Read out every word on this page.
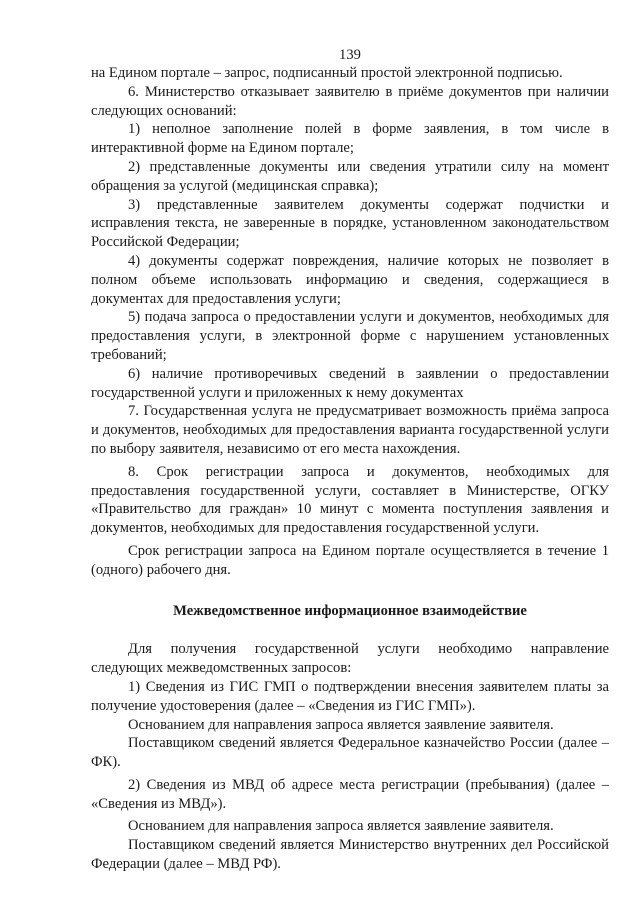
139

на Едином портале – запрос, подписанный простой электронной подписью.

6. Министерство отказывает заявителю в приёме документов при наличии следующих оснований:

1) неполное заполнение полей в форме заявления, в том числе в интерактивной форме на Едином портале;

2) представленные документы или сведения утратили силу на момент обращения за услугой (медицинская справка);

3) представленные заявителем документы содержат подчистки и исправления текста, не заверенные в порядке, установленном законодательством Российской Федерации;

4) документы содержат повреждения, наличие которых не позволяет в полном объеме использовать информацию и сведения, содержащиеся в документах для предоставления услуги;

5) подача запроса о предоставлении услуги и документов, необходимых для предоставления услуги, в электронной форме с нарушением установленных требований;

6) наличие противоречивых сведений в заявлении о предоставлении государственной услуги и приложенных к нему документах

7. Государственная услуга не предусматривает возможность приёма запроса и документов, необходимых для предоставления варианта государственной услуги по выбору заявителя, независимо от его места нахождения.

8. Срок регистрации запроса и документов, необходимых для предоставления государственной услуги, составляет в Министерстве, ОГКУ «Правительство для граждан» 10 минут с момента поступления заявления и документов, необходимых для предоставления государственной услуги.

Срок регистрации запроса на Едином портале осуществляется в течение 1 (одного) рабочего дня.

Межведомственное информационное взаимодействие

Для получения государственной услуги необходимо направление следующих межведомственных запросов:

1) Сведения из ГИС ГМП о подтверждении внесения заявителем платы за получение удостоверения (далее – «Сведения из ГИС ГМП»).

Основанием для направления запроса является заявление заявителя.

Поставщиком сведений является Федеральное казначейство России (далее – ФК).

2) Сведения из МВД об адресе места регистрации (пребывания) (далее – «Сведения из МВД»).

Основанием для направления запроса является заявление заявителя.

Поставщиком сведений является Министерство внутренних дел Российской Федерации (далее – МВД РФ).
